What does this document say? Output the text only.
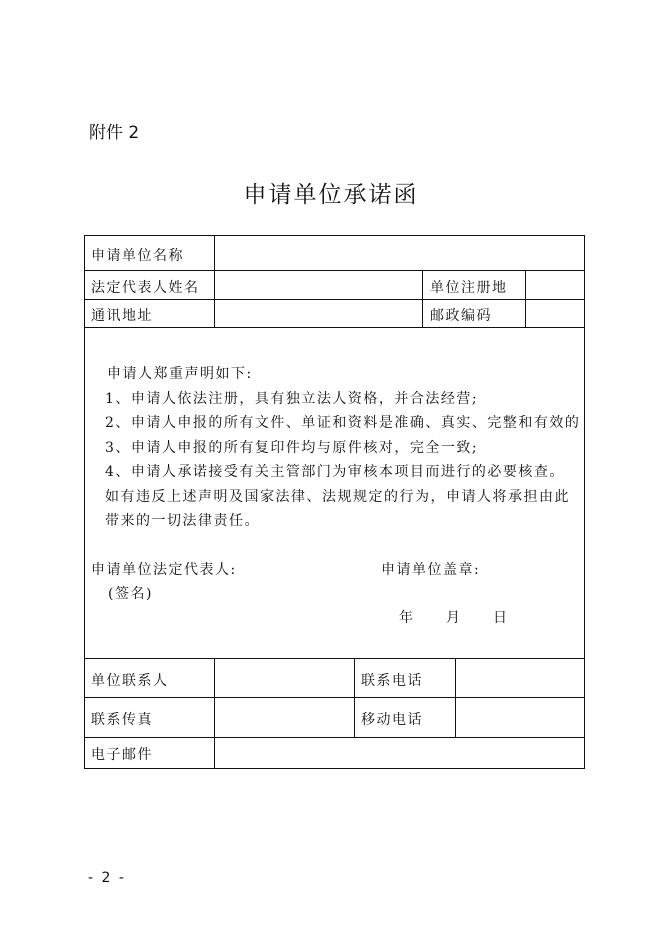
附件 2
申请单位承诺函
申请单位名称
法定代表人姓名	单位注册地
通讯地址	邮政编码
申请人郑重声明如下:
1、申请人依法注册，具有独立法人资格，并合法经营;
2、申请人申报的所有文件、单证和资料是准确、真实、完整和有效的
3、申请人申报的所有复印件均与原件核对，完全一致;
4、申请人承诺接受有关主管部门为审核本项目而进行的必要核查。
如有违反上述声明及国家法律、法规规定的行为，申请人将承担由此
带来的一切法律责任。
申请单位法定代表人:
(签名)
申请单位盖章:
年 月 日
单位联系人	联系电话
联系传真	移动电话
电子邮件
- 2 -
